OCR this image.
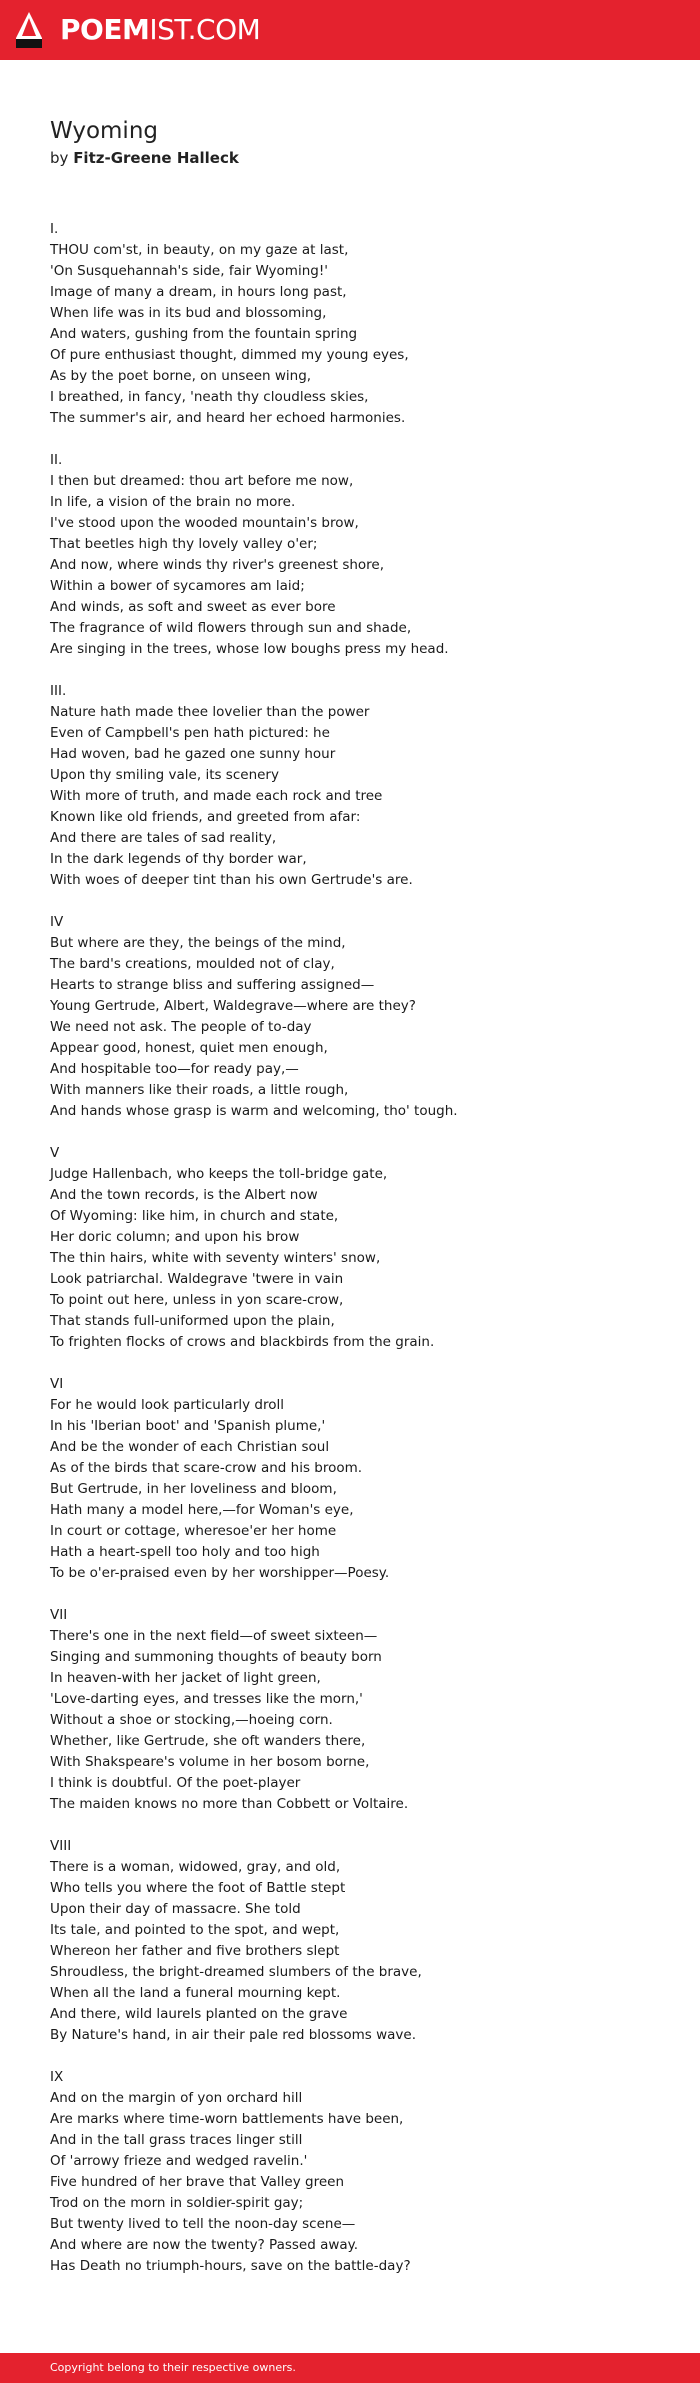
POEMIST.COM
Wyoming
by Fitz-Greene Halleck
I.
THOU com'st, in beauty, on my gaze at last,
'On Susquehannah's side, fair Wyoming!'
Image of many a dream, in hours long past,
When life was in its bud and blossoming,
And waters, gushing from the fountain spring
Of pure enthusiast thought, dimmed my young eyes,
As by the poet borne, on unseen wing,
I breathed, in fancy, 'neath thy cloudless skies,
The summer's air, and heard her echoed harmonies.
II.
I then but dreamed: thou art before me now,
In life, a vision of the brain no more.
I've stood upon the wooded mountain's brow,
That beetles high thy lovely valley o'er;
And now, where winds thy river's greenest shore,
Within a bower of sycamores am laid;
And winds, as soft and sweet as ever bore
The fragrance of wild flowers through sun and shade,
Are singing in the trees, whose low boughs press my head.
III.
Nature hath made thee lovelier than the power
Even of Campbell's pen hath pictured: he
Had woven, bad he gazed one sunny hour
Upon thy smiling vale, its scenery
With more of truth, and made each rock and tree
Known like old friends, and greeted from afar:
And there are tales of sad reality,
In the dark legends of thy border war,
With woes of deeper tint than his own Gertrude's are.
IV
But where are they, the beings of the mind,
The bard's creations, moulded not of clay,
Hearts to strange bliss and suffering assigned—
Young Gertrude, Albert, Waldegrave—where are they?
We need not ask. The people of to-day
Appear good, honest, quiet men enough,
And hospitable too—for ready pay,—
With manners like their roads, a little rough,
And hands whose grasp is warm and welcoming, tho' tough.
V
Judge Hallenbach, who keeps the toll-bridge gate,
And the town records, is the Albert now
Of Wyoming: like him, in church and state,
Her doric column; and upon his brow
The thin hairs, white with seventy winters' snow,
Look patriarchal. Waldegrave 'twere in vain
To point out here, unless in yon scare-crow,
That stands full-uniformed upon the plain,
To frighten flocks of crows and blackbirds from the grain.
VI
For he would look particularly droll
In his 'Iberian boot' and 'Spanish plume,'
And be the wonder of each Christian soul
As of the birds that scare-crow and his broom.
But Gertrude, in her loveliness and bloom,
Hath many a model here,—for Woman's eye,
In court or cottage, wheresoe'er her home
Hath a heart-spell too holy and too high
To be o'er-praised even by her worshipper—Poesy.
VII
There's one in the next field—of sweet sixteen—
Singing and summoning thoughts of beauty born
In heaven-with her jacket of light green,
'Love-darting eyes, and tresses like the morn,'
Without a shoe or stocking,—hoeing corn.
Whether, like Gertrude, she oft wanders there,
With Shakspeare's volume in her bosom borne,
I think is doubtful. Of the poet-player
The maiden knows no more than Cobbett or Voltaire.
VIII
There is a woman, widowed, gray, and old,
Who tells you where the foot of Battle stept
Upon their day of massacre. She told
Its tale, and pointed to the spot, and wept,
Whereon her father and five brothers slept
Shroudless, the bright-dreamed slumbers of the brave,
When all the land a funeral mourning kept.
And there, wild laurels planted on the grave
By Nature's hand, in air their pale red blossoms wave.
IX
And on the margin of yon orchard hill
Are marks where time-worn battlements have been,
And in the tall grass traces linger still
Of 'arrowy frieze and wedged ravelin.'
Five hundred of her brave that Valley green
Trod on the morn in soldier-spirit gay;
But twenty lived to tell the noon-day scene—
And where are now the twenty? Passed away.
Has Death no triumph-hours, save on the battle-day?
Copyright belong to their respective owners.
